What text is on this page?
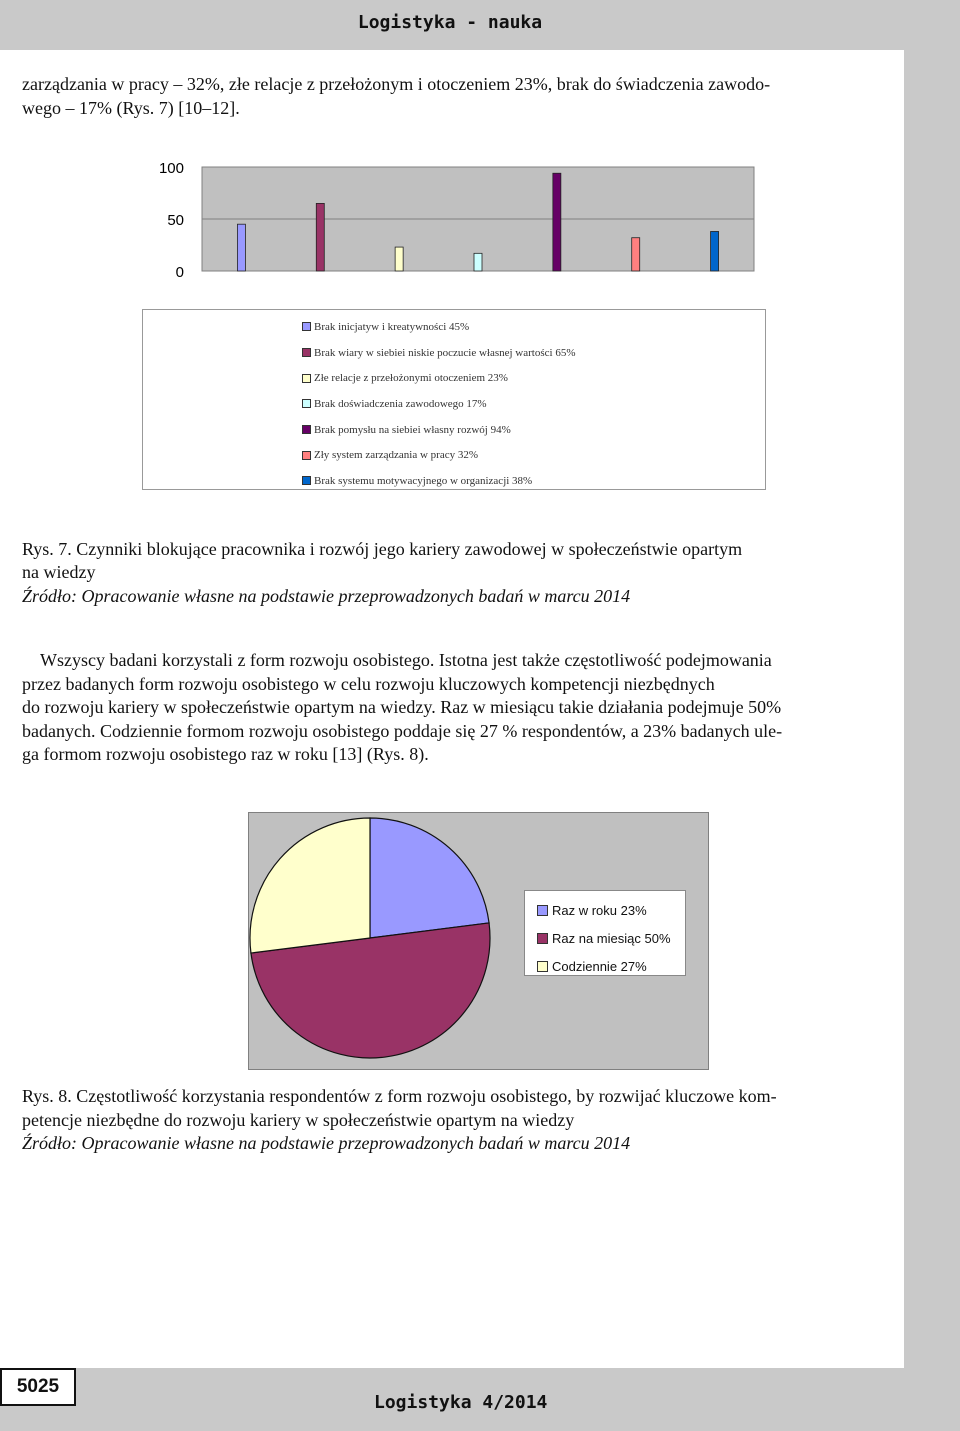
Logistyka - nauka
zarządzania w pracy – 32%, złe relacje z przełożonym i otoczeniem 23%, brak do świadczenia zawodo-
wego – 17% (Rys. 7) [10–12].
100
50
0
Brak inicjatyw i kreatywności 45%
Brak wiary w siebiei niskie poczucie własnej wartości 65%
Złe relacje z przełożonymi otoczeniem 23%
Brak doświadczenia zawodowego 17%
Brak pomysłu na siebiei własny rozwój 94%
Zły system zarządzania w pracy 32%
Brak systemu motywacyjnego w organizacji 38%
Rys. 7. Czynniki blokujące pracownika i rozwój jego kariery zawodowej w społeczeństwie opartym
na wiedzy
Źródło: Opracowanie własne na podstawie przeprowadzonych badań w marcu 2014
Wszyscy badani korzystali z form rozwoju osobistego. Istotna jest także częstotliwość podejmowania
przez badanych form rozwoju osobistego w celu rozwoju kluczowych kompetencji niezbędnych
do rozwoju kariery w społeczeństwie opartym na wiedzy. Raz w miesiącu takie działania podejmuje 50%
badanych. Codziennie formom rozwoju osobistego poddaje się 27 % respondentów, a 23% badanych ule-
ga formom rozwoju osobistego raz w roku [13] (Rys. 8).
Raz w roku 23%
Raz na miesiąc 50%
Codziennie 27%
Rys. 8. Częstotliwość korzystania respondentów z form rozwoju osobistego, by rozwijać kluczowe kom-
petencje niezbędne do rozwoju kariery w społeczeństwie opartym na wiedzy
Źródło: Opracowanie własne na podstawie przeprowadzonych badań w marcu 2014
5025
Logistyka 4/2014
